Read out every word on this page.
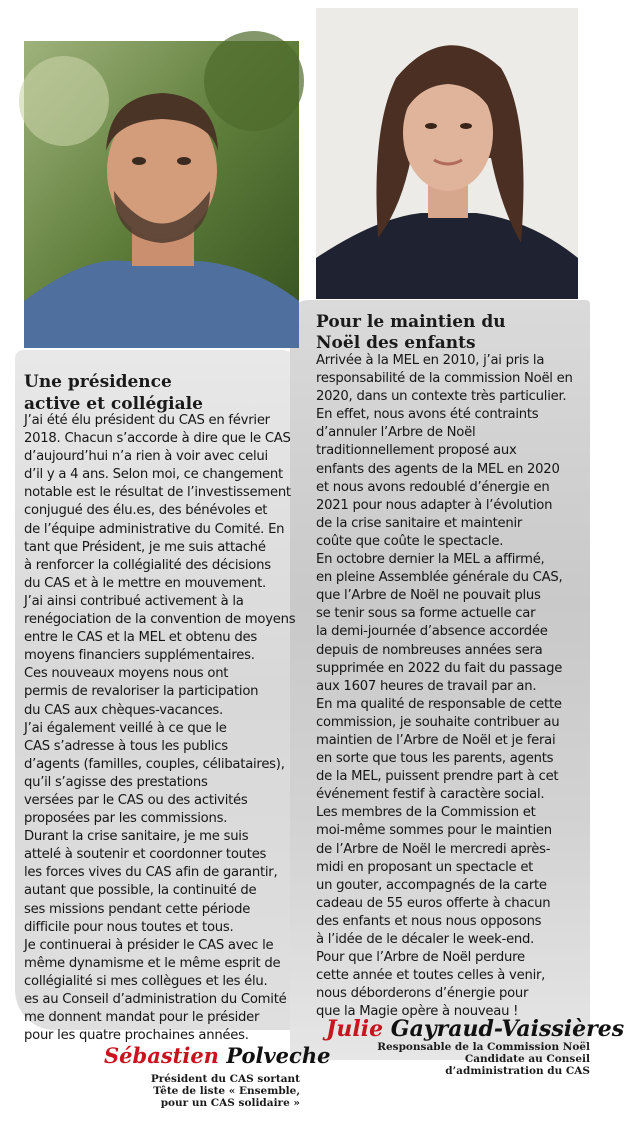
Une présidence
active et collégiale
J’ai été élu président du CAS en février
2018. Chacun s’accorde à dire que le CAS
d’aujourd’hui n’a rien à voir avec celui
d’il y a 4 ans. Selon moi, ce changement
notable est le résultat de l’investissement
conjugué des élu.es, des bénévoles et
de l’équipe administrative du Comité. En
tant que Président, je me suis attaché
à renforcer la collégialité des décisions
du CAS et à le mettre en mouvement.
J’ai ainsi contribué activement à la
renégociation de la convention de moyens
entre le CAS et la MEL et obtenu des
moyens financiers supplémentaires.
Ces nouveaux moyens nous ont
permis de revaloriser la participation
du CAS aux chèques-vacances.
J’ai également veillé à ce que le
CAS s’adresse à tous les publics
d’agents (familles, couples, célibataires),
qu’il s’agisse des prestations
versées par le CAS ou des activités
proposées par les commissions.
Durant la crise sanitaire, je me suis
attelé à soutenir et coordonner toutes
les forces vives du CAS afin de garantir,
autant que possible, la continuité de
ses missions pendant cette période
difficile pour nous toutes et tous.
Je continuerai à présider le CAS avec le
même dynamisme et le même esprit de
collégialité si mes collègues et les élu.
es au Conseil d’administration du Comité
me donnent mandat pour le présider
pour les quatre prochaines années.
Sébastien Polveche
Président du CAS sortant
Tête de liste « Ensemble,
pour un CAS solidaire »
Pour le maintien du
Noël des enfants
Arrivée à la MEL en 2010, j’ai pris la
responsabilité de la commission Noël en
2020, dans un contexte très particulier.
En effet, nous avons été contraints
d’annuler l’Arbre de Noël
traditionnellement proposé aux
enfants des agents de la MEL en 2020
et nous avons redoublé d’énergie en
2021 pour nous adapter à l’évolution
de la crise sanitaire et maintenir
coûte que coûte le spectacle.
En octobre dernier la MEL a affirmé,
en pleine Assemblée générale du CAS,
que l’Arbre de Noël ne pouvait plus
se tenir sous sa forme actuelle car
la demi-journée d’absence accordée
depuis de nombreuses années sera
supprimée en 2022 du fait du passage
aux 1607 heures de travail par an.
En ma qualité de responsable de cette
commission, je souhaite contribuer au
maintien de l’Arbre de Noël et je ferai
en sorte que tous les parents, agents
de la MEL, puissent prendre part à cet
événement festif à caractère social.
Les membres de la Commission et
moi-même sommes pour le maintien
de l’Arbre de Noël le mercredi après-
midi en proposant un spectacle et
un gouter, accompagnés de la carte
cadeau de 55 euros offerte à chacun
des enfants et nous nous opposons
à l’idée de le décaler le week-end.
Pour que l’Arbre de Noël perdure
cette année et toutes celles à venir,
nous déborderons d’énergie pour
que la Magie opère à nouveau !
Julie Gayraud-Vaissières
Responsable de la Commission Noël
Candidate au Conseil
d’administration du CAS
